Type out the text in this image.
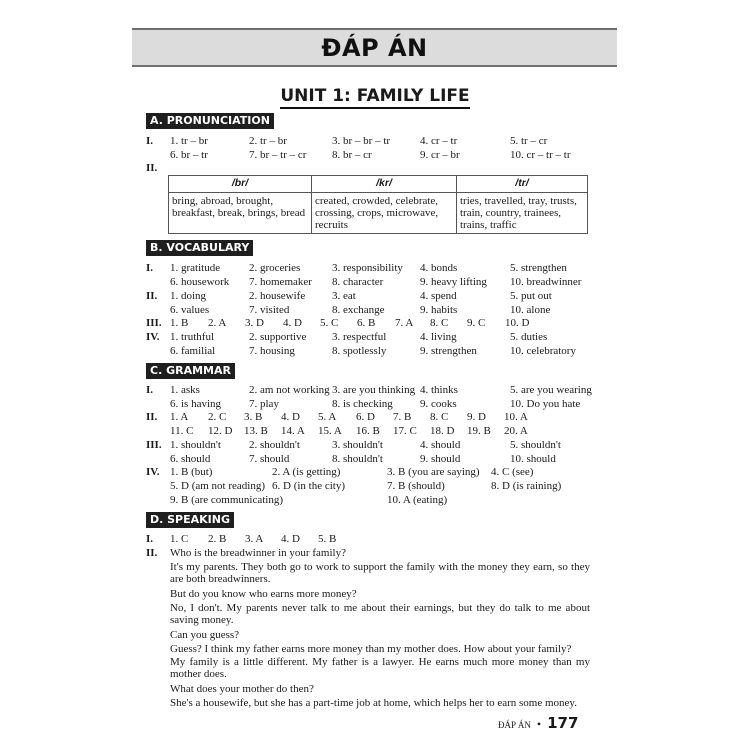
ĐÁP ÁN
UNIT 1: FAMILY LIFE
A. PRONUNCIATION
I. 1. tr – br	2. tr – br	3. br – br – tr	4. cr – tr	5. tr – cr
6. br – tr	7. br – tr – cr 8. br – cr	9. cr – br	10. cr – tr – tr
II.
/br/	/kr/	/tr/
bring, abroad, brought, breakfast, break, brings, bread	created, crowded, celebrate, crossing, crops, microwave, recruits	tries, travelled, tray, trusts, train, country, trainees, trains, traffic
B. VOCABULARY
I. 1. gratitude	2. groceries	3. responsibility 4. bonds	5. strengthen
6. housework 7. homemaker 8. character	9. heavy lifting 10. breadwinner
II. 1. doing	2. housewife 3. eat	4. spend	5. put out
6. values	7. visited	8. exchange	9. habits	10. alone
III. 1. B 2. A 3. D 4. D 5. C 6. B 7. A 8. C 9. C 10. D
IV. 1. truthful	2. supportive 3. respectful	4. living	5. duties
6. familial	7. housing	8. spotlessly	9. strengthen	10. celebratory
C. GRAMMAR
I. 1. asks	2. am not working 3. are you thinking 4. thinks	5. are you wearing
6. is having	7. play	8. is checking 9. cooks	10. Do you hate
II. 1. A 2. C 3. B 4. D 5. A 6. D 7. B 8. C 9. D 10. A
11. C 12. D 13. B 14. A 15. A 16. B 17. C 18. D 19. B 20. A
III. 1. shouldn't	2. shouldn't	3. shouldn't	4. should	5. shouldn't
6. should	7. should	8. shouldn't	9. should	10. should
IV. 1. B (but)	2. A (is getting)	3. B (you are saying) 4. C (see)
5. D (am not reading) 6. D (in the city)	7. B (should)	8. D (is raining)
9. B (are communicating)	10. A (eating)
D. SPEAKING
I. 1. C 2. B 3. A 4. D 5. B
II. Who is the breadwinner in your family?
It's my parents. They both go to work to support the family with the money they earn, so they are both breadwinners.
But do you know who earns more money?
No, I don't. My parents never talk to me about their earnings, but they do talk to me about saving money.
Can you guess?
Guess? I think my father earns more money than my mother does. How about your family?
My family is a little different. My father is a lawyer. He earns much more money than my mother does.
What does your mother do then?
She's a housewife, but she has a part-time job at home, which helps her to earn some money.
ĐÁP ÁN • 177
